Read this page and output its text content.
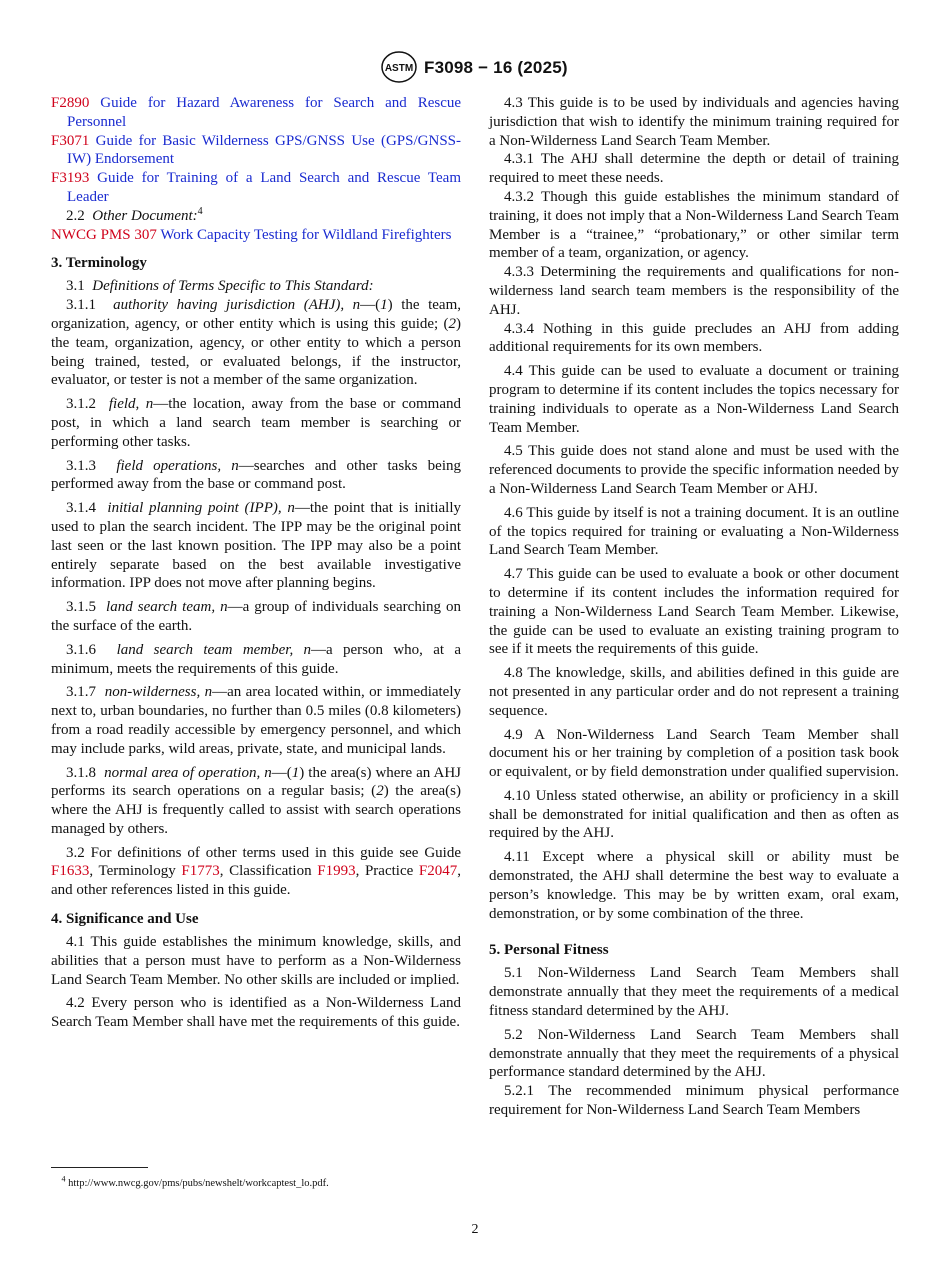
ASTM F3098 − 16 (2025)
F2890 Guide for Hazard Awareness for Search and Rescue Personnel
F3071 Guide for Basic Wilderness GPS/GNSS Use (GPS/GNSS-IW) Endorsement
F3193 Guide for Training of a Land Search and Rescue Team Leader

2.2 Other Document:$^4$

NWCG PMS 307 Work Capacity Testing for Wildland Firefighters
3. Terminology

3.1 Definitions of Terms Specific to This Standard:

3.1.1 authority having jurisdiction (AHJ), n—(1) the team, organization, agency, or other entity which is using this guide; (2) the team, organization, agency, or other entity to which a person being trained, tested, or evaluated belongs, if the instructor, evaluator, or tester is not a member of the same organization.

3.1.2 field, n—the location, away from the base or command post, in which a land search team member is searching or performing other tasks.

3.1.3 field operations, n—searches and other tasks being performed away from the base or command post.

3.1.4 initial planning point (IPP), n—the point that is initially used to plan the search incident. The IPP may be the original point last seen or the last known position. The IPP may also be a point entirely separate based on the best available investigative information. IPP does not move after planning begins.

3.1.5 land search team, n—a group of individuals searching on the surface of the earth.

3.1.6 land search team member, n—a person who, at a minimum, meets the requirements of this guide.

3.1.7 non-wilderness, n—an area located within, or immediately next to, urban boundaries, no further than 0.5 miles (0.8 kilometers) from a road readily accessible by emergency personnel, and which may include parks, wild areas, private, state, and municipal lands.

3.1.8 normal area of operation, n—(1) the area(s) where an AHJ performs its search operations on a regular basis; (2) the area(s) where the AHJ is frequently called to assist with search operations managed by others.

3.2 For definitions of other terms used in this guide see Guide F1633, Terminology F1773, Classification F1993, Practice F2047, and other references listed in this guide.

4. Significance and Use

4.1 This guide establishes the minimum knowledge, skills, and abilities that a person must have to perform as a Non-Wilderness Land Search Team Member. No other skills are included or implied.

4.2 Every person who is identified as a Non-Wilderness Land Search Team Member shall have met the requirements of this guide.

4.3 This guide is to be used by individuals and agencies having jurisdiction that wish to identify the minimum training required for a Non-Wilderness Land Search Team Member.

4.3.1 The AHJ shall determine the depth or detail of training required to meet these needs.

4.3.2 Though this guide establishes the minimum standard of training, it does not imply that a Non-Wilderness Land Search Team Member is a “trainee,” “probationary,” or other similar term member of a team, organization, or agency.

4.3.3 Determining the requirements and qualifications for non-wilderness land search team members is the responsibility of the AHJ.

4.3.4 Nothing in this guide precludes an AHJ from adding additional requirements for its own members.

4.4 This guide can be used to evaluate a document or training program to determine if its content includes the topics necessary for training individuals to operate as a Non-Wilderness Land Search Team Member.

4.5 This guide does not stand alone and must be used with the referenced documents to provide the specific information needed by a Non-Wilderness Land Search Team Member or AHJ.

4.6 This guide by itself is not a training document. It is an outline of the topics required for training or evaluating a Non-Wilderness Land Search Team Member.

4.7 This guide can be used to evaluate a book or other document to determine if its content includes the information required for training a Non-Wilderness Land Search Team Member. Likewise, the guide can be used to evaluate an existing training program to see if it meets the requirements of this guide.

4.8 The knowledge, skills, and abilities defined in this guide are not presented in any particular order and do not represent a training sequence.

4.9 A Non-Wilderness Land Search Team Member shall document his or her training by completion of a position task book or equivalent, or by field demonstration under qualified supervision.

4.10 Unless stated otherwise, an ability or proficiency in a skill shall be demonstrated for initial qualification and then as often as required by the AHJ.

4.11 Except where a physical skill or ability must be demonstrated, the AHJ shall determine the best way to evaluate a person’s knowledge. This may be by written exam, oral exam, demonstration, or by some combination of the three.

5. Personal Fitness

5.1 Non-Wilderness Land Search Team Members shall demonstrate annually that they meet the requirements of a medical fitness standard determined by the AHJ.

5.2 Non-Wilderness Land Search Team Members shall demonstrate annually that they meet the requirements of a physical performance standard determined by the AHJ.

5.2.1 The recommended minimum physical performance requirement for Non-Wilderness Land Search Team Members

$^4$ http://www.nwcg.gov/pms/pubs/newshelt/workcaptest_lo.pdf.
2
